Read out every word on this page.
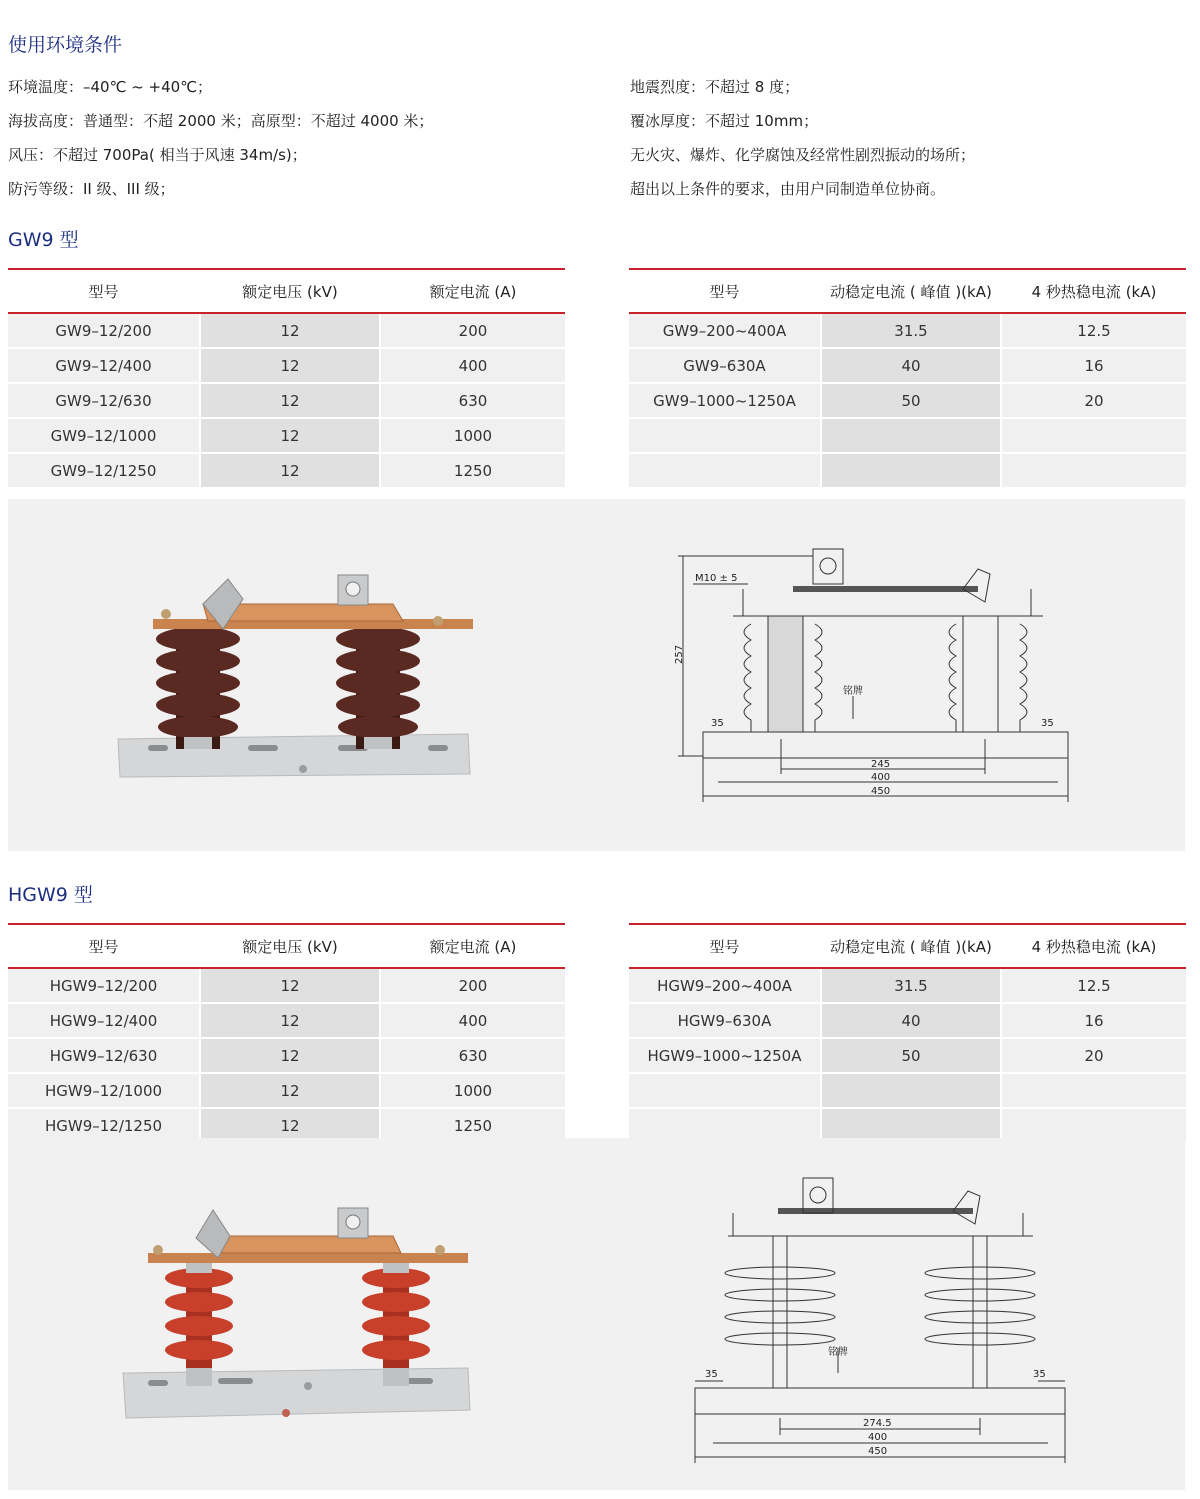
使用环境条件
环境温度：–40℃ ~ +40℃；
海拔高度：普通型：不超 2000 米；高原型：不超过 4000 米；
风压：不超过 700Pa( 相当于风速 34m/s)；
防污等级：II 级、III 级；
地震烈度：不超过 8 度；
覆冰厚度：不超过 10mm；
无火灾、爆炸、化学腐蚀及经常性剧烈振动的场所；
超出以上条件的要求，由用户同制造单位协商。
GW9 型
型号	额定电压 (kV)	额定电流 (A)
GW9–12/200	12	200
GW9–12/400	12	400
GW9–12/630	12	630
GW9–12/1000	12	1000
GW9–12/1250	12	1250
型号	动稳定电流 ( 峰值 )(kA)	4 秒热稳电流 (kA)
GW9–200~400A	31.5	12.5
GW9–630A	40	16
GW9–1000~1250A	50	20

M10 ± 5
257
35	35
铭牌
245
400
450
HGW9 型
型号	额定电压 (kV)	额定电流 (A)
HGW9–12/200	12	200
HGW9–12/400	12	400
HGW9–12/630	12	630
HGW9–12/1000	12	1000
HGW9–12/1250	12	1250
型号	动稳定电流 ( 峰值 )(kA)	4 秒热稳电流 (kA)
HGW9–200~400A	31.5	12.5
HGW9–630A	40	16
HGW9–1000~1250A	50	20

35	35
铭牌
274.5
400
450
